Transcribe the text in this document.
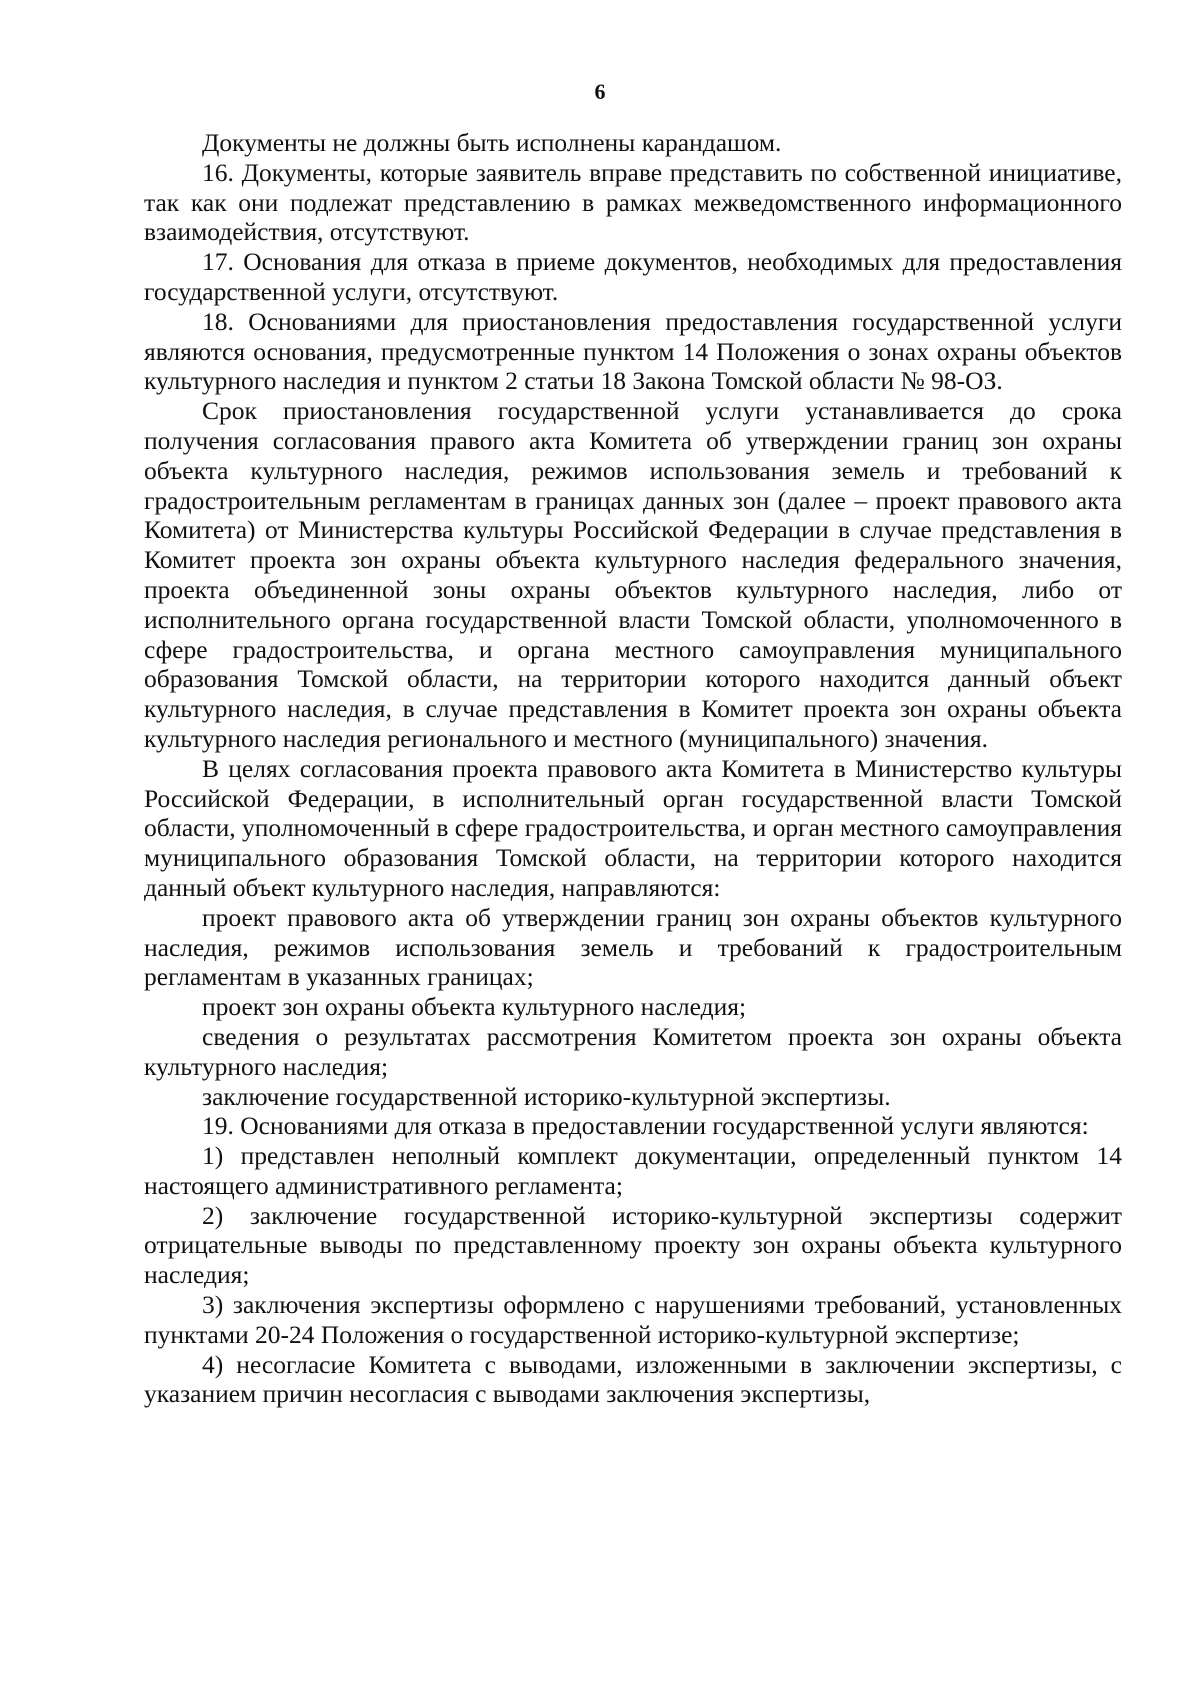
6

Документы не должны быть исполнены карандашом.

16. Документы, которые заявитель вправе представить по собственной инициативе, так как они подлежат представлению в рамках межведомственного информационного взаимодействия, отсутствуют.

17. Основания для отказа в приеме документов, необходимых для предоставления государственной услуги, отсутствуют.

18. Основаниями для приостановления предоставления государственной услуги являются основания, предусмотренные пунктом 14 Положения о зонах охраны объектов культурного наследия и пунктом 2 статьи 18 Закона Томской области № 98-ОЗ.

Срок приостановления государственной услуги устанавливается до срока получения согласования правого акта Комитета об утверждении границ зон охраны объекта культурного наследия, режимов использования земель и требований к градостроительным регламентам в границах данных зон (далее – проект правового акта Комитета) от Министерства культуры Российской Федерации в случае представления в Комитет проекта зон охраны объекта культурного наследия федерального значения, проекта объединенной зоны охраны объектов культурного наследия, либо от исполнительного органа государственной власти Томской области, уполномоченного в сфере градостроительства, и органа местного самоуправления муниципального образования Томской области, на территории которого находится данный объект культурного наследия, в случае представления в Комитет проекта зон охраны объекта культурного наследия регионального и местного (муниципального) значения.

В целях согласования проекта правового акта Комитета в Министерство культуры Российской Федерации, в исполнительный орган государственной власти Томской области, уполномоченный в сфере градостроительства, и орган местного самоуправления муниципального образования Томской области, на территории которого находится данный объект культурного наследия, направляются:

проект правового акта об утверждении границ зон охраны объектов культурного наследия, режимов использования земель и требований к градостроительным регламентам в указанных границах;

проект зон охраны объекта культурного наследия;

сведения о результатах рассмотрения Комитетом проекта зон охраны объекта культурного наследия;

заключение государственной историко-культурной экспертизы.

19. Основаниями для отказа в предоставлении государственной услуги являются:

1) представлен неполный комплект документации, определенный пунктом 14 настоящего административного регламента;

2) заключение государственной историко-культурной экспертизы содержит отрицательные выводы по представленному проекту зон охраны объекта культурного наследия;

3) заключения экспертизы оформлено с нарушениями требований, установленных пунктами 20-24 Положения о государственной историко-культурной экспертизе;

4) несогласие Комитета с выводами, изложенными в заключении экспертизы, с указанием причин несогласия с выводами заключения экспертизы,
